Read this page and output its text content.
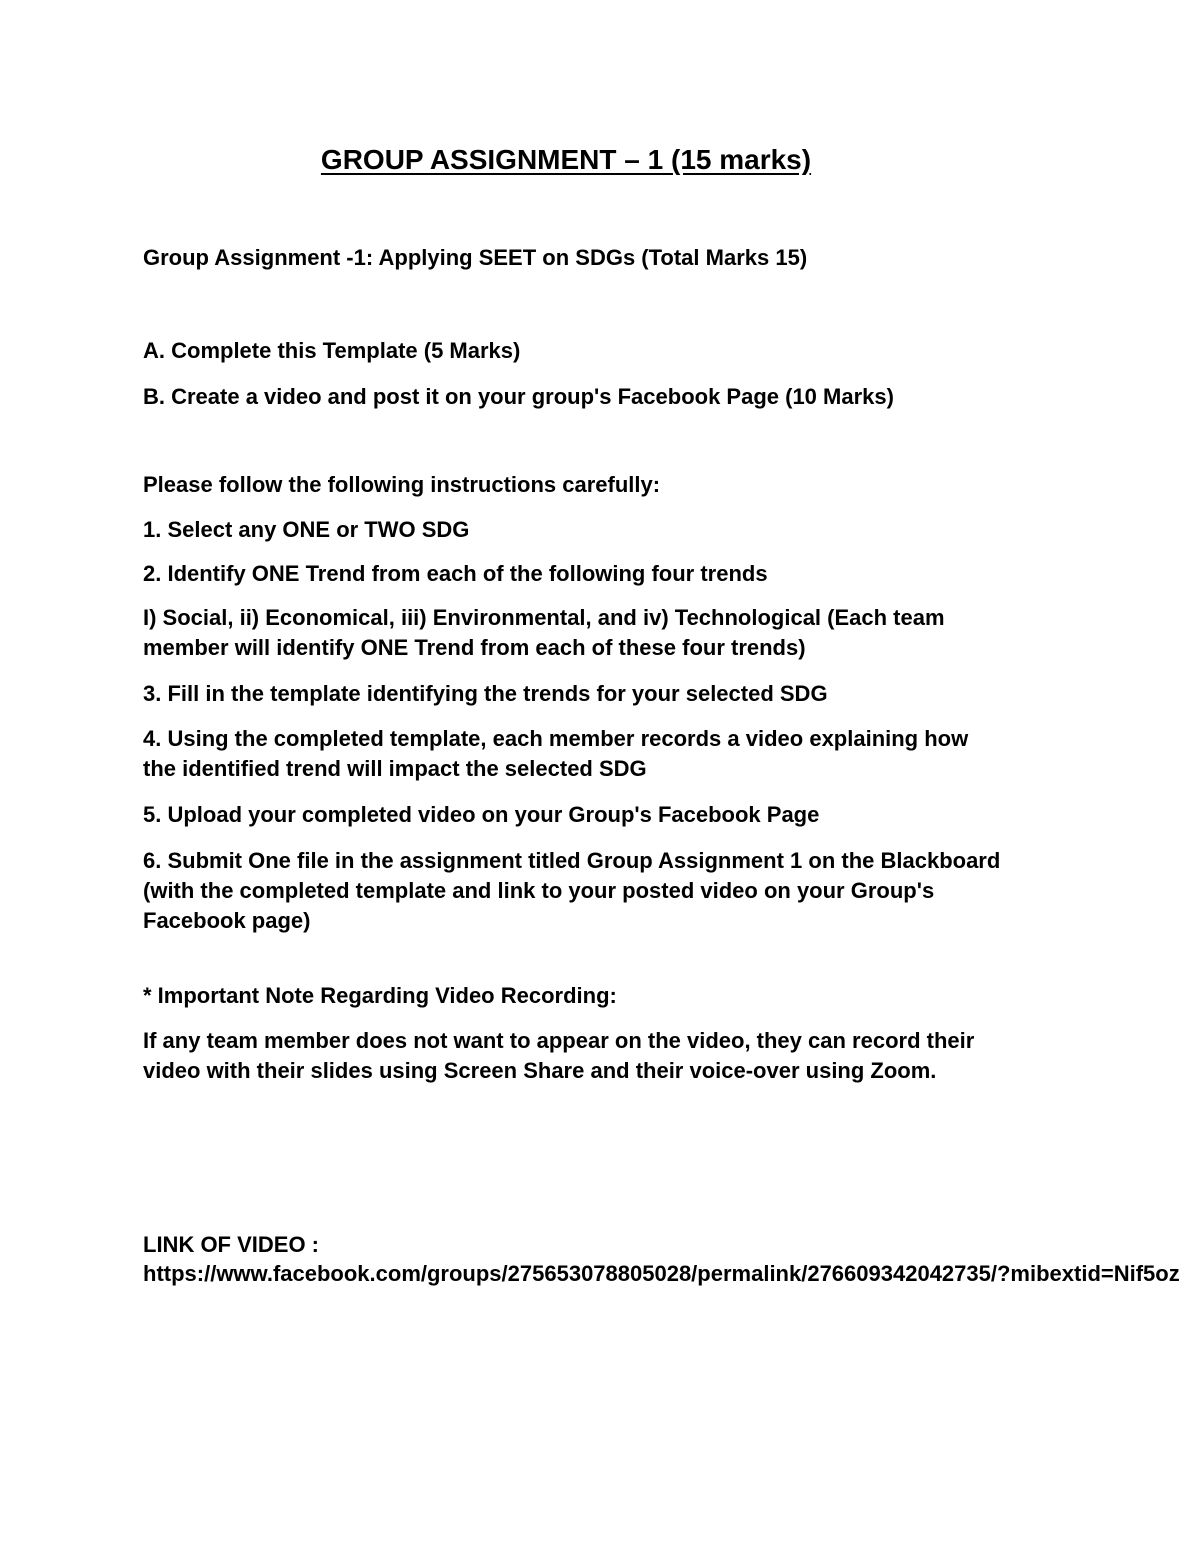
GROUP ASSIGNMENT – 1 (15 marks)
Group Assignment -1: Applying SEET on SDGs (Total Marks 15)
A. Complete this Template (5 Marks)
B. Create a video and post it on your group's Facebook Page (10 Marks)
Please follow the following instructions carefully:
1. Select any ONE or TWO SDG
2. Identify ONE Trend from each of the following four trends
I) Social, ii) Economical, iii) Environmental, and iv) Technological (Each team member will identify ONE Trend from each of these four trends)
3. Fill in the template identifying the trends for your selected SDG
4. Using the completed template, each member records a video explaining how the identified trend will impact the selected SDG
5. Upload your completed video on your Group's Facebook Page
6. Submit One file in the assignment titled Group Assignment 1 on the Blackboard (with the completed template and link to your posted video on your Group's Facebook page)
* Important Note Regarding Video Recording:
If any team member does not want to appear on the video, they can record their video with their slides using Screen Share and their voice-over using Zoom.
LINK OF VIDEO :
https://www.facebook.com/groups/275653078805028/permalink/276609342042735/?mibextid=Nif5oz
